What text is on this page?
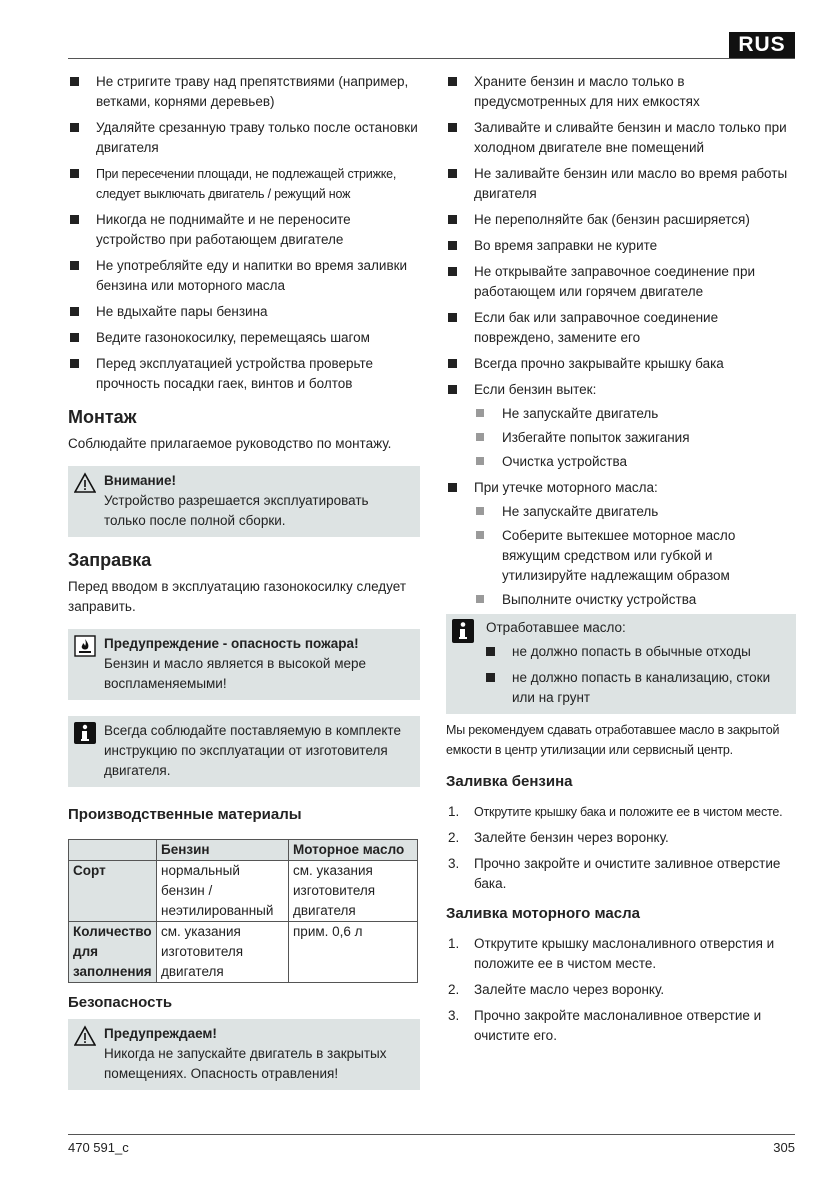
RUS
Не стригите траву над препятствиями (например, ветками, корнями деревьев)
Удаляйте срезанную траву только после остановки двигателя
При пересечении площади, не подлежащей стрижке, следует выключать двигатель / режущий нож
Никогда не поднимайте и не переносите устройство при работающем двигателе
Не употребляйте еду и напитки во время заливки бензина или моторного масла
Не вдыхайте пары бензина
Ведите газонокосилку, перемещаясь шагом
Перед эксплуатацией устройства проверьте прочность посадки гаек, винтов и болтов
Монтаж

Соблюдайте прилагаемое руководство по монтажу.

Внимание!
Устройство разрешается эксплуатировать только после полной сборки.
Заправка

Перед вводом в эксплуатацию газонокосилку следует заправить.

Предупреждение - опасность пожара!
Бензин и масло является в высокой мере воспламеняемыми!
Всегда соблюдайте поставляемую в комплекте инструкцию по эксплуатации от изготовителя двигателя.
Производственные материалы
	Бензин	Моторное масло
Сорт	нормальный бензин / неэтилированный	см. указания изготовителя двигателя
Количество для заполнения	см. указания изготовителя двигателя	прим. 0,6 л
Безопасность
Предупреждаем!
Никогда не запускайте двигатель в закрытых помещениях. Опасность отравления!
Храните бензин и масло только в предусмотренных для них емкостях
Заливайте и сливайте бензин и масло только при холодном двигателе вне помещений
Не заливайте бензин или масло во время работы двигателя
Не переполняйте бак (бензин расширяется)
Во время заправки не курите
Не открывайте заправочное соединение при работающем или горячем двигателе
Если бак или заправочное соединение повреждено, замените его
Всегда прочно закрывайте крышку бака
Если бензин вытек:
Не запускайте двигатель
Избегайте попыток зажигания
Очистка устройства
При утечке моторного масла:
Не запускайте двигатель
Соберите вытекшее моторное масло вяжущим средством или губкой и утилизируйте надлежащим образом
Выполните очистку устройства
Отработавшее масло:
не должно попасть в обычные отходы
не должно попасть в канализацию, стоки или на грунт

Мы рекомендуем сдавать отработавшее масло в закрытой емкости в центр утилизации или сервисный центр.

Заливка бензина
1. Открутите крышку бака и положите ее в чистом месте.
2. Залейте бензин через воронку.
3. Прочно закройте и очистите заливное отверстие бака.
Заливка моторного масла
1. Открутите крышку маслоналивного отверстия и положите ее в чистом месте.
2. Залейте масло через воронку.
3. Прочно закройте маслоналивное отверстие и очистите его.
470 591_c	305
